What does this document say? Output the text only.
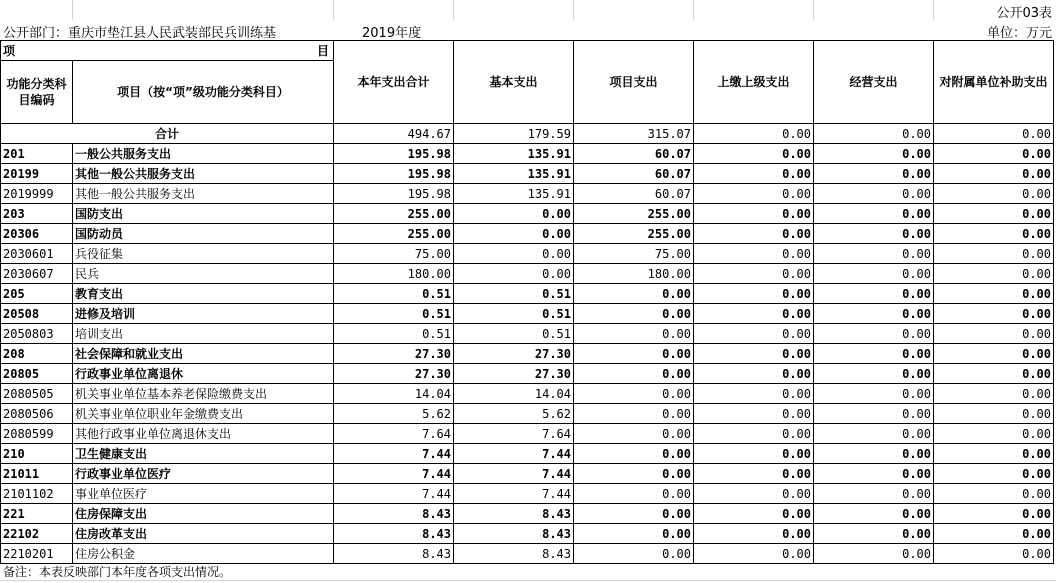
公开03表
公开部门：重庆市垫江县人民武装部民兵训练基	2019年度	单位：万元
项 目		本年支出合计	基本支出	项目支出	上缴上级支出	经营支出	对附属单位补助支出
功能分类科目编码	项目（按“项”级功能分类科目）						
合计		494.67	179.59	315.07	0.00	0.00	0.00
201	一般公共服务支出	195.98	135.91	60.07	0.00	0.00	0.00
20199	其他一般公共服务支出	195.98	135.91	60.07	0.00	0.00	0.00
2019999	其他一般公共服务支出	195.98	135.91	60.07	0.00	0.00	0.00
203	国防支出	255.00	0.00	255.00	0.00	0.00	0.00
20306	国防动员	255.00	0.00	255.00	0.00	0.00	0.00
2030601	兵役征集	75.00	0.00	75.00	0.00	0.00	0.00
2030607	民兵	180.00	0.00	180.00	0.00	0.00	0.00
205	教育支出	0.51	0.51	0.00	0.00	0.00	0.00
20508	进修及培训	0.51	0.51	0.00	0.00	0.00	0.00
2050803	培训支出	0.51	0.51	0.00	0.00	0.00	0.00
208	社会保障和就业支出	27.30	27.30	0.00	0.00	0.00	0.00
20805	行政事业单位离退休	27.30	27.30	0.00	0.00	0.00	0.00
2080505	机关事业单位基本养老保险缴费支出	14.04	14.04	0.00	0.00	0.00	0.00
2080506	机关事业单位职业年金缴费支出	5.62	5.62	0.00	0.00	0.00	0.00
2080599	其他行政事业单位离退休支出	7.64	7.64	0.00	0.00	0.00	0.00
210	卫生健康支出	7.44	7.44	0.00	0.00	0.00	0.00
21011	行政事业单位医疗	7.44	7.44	0.00	0.00	0.00	0.00
2101102	事业单位医疗	7.44	7.44	0.00	0.00	0.00	0.00
221	住房保障支出	8.43	8.43	0.00	0.00	0.00	0.00
22102	住房改革支出	8.43	8.43	0.00	0.00	0.00	0.00
2210201	住房公积金	8.43	8.43	0.00	0.00	0.00	0.00
备注：本表反映部门本年度各项支出情况。
